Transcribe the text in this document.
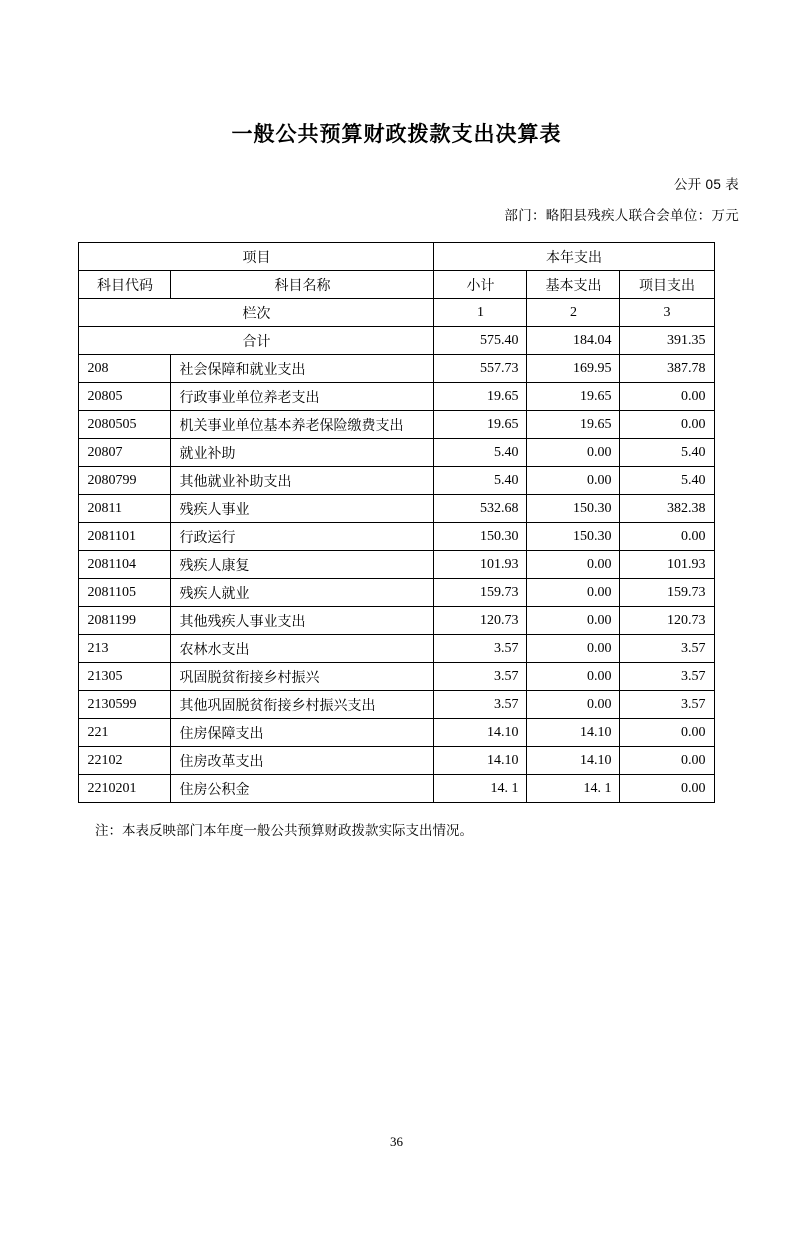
一般公共预算财政拨款支出决算表
公开 05 表
部门：略阳县残疾人联合会单位：万元
项目		本年支出		
科目代码	科目名称	小计	基本支出	项目支出
栏次		1	2	3
合计		575.40	184.04	391.35
208	社会保障和就业支出	557.73	169.95	387.78
20805	行政事业单位养老支出	19.65	19.65	0.00
2080505	机关事业单位基本养老保险缴费支出	19.65	19.65	0.00
20807	就业补助	5.40	0.00	5.40
2080799	其他就业补助支出	5.40	0.00	5.40
20811	残疾人事业	532.68	150.30	382.38
2081101	行政运行	150.30	150.30	0.00
2081104	残疾人康复	101.93	0.00	101.93
2081105	残疾人就业	159.73	0.00	159.73
2081199	其他残疾人事业支出	120.73	0.00	120.73
213	农林水支出	3.57	0.00	3.57
21305	巩固脱贫衔接乡村振兴	3.57	0.00	3.57
2130599	其他巩固脱贫衔接乡村振兴支出	3.57	0.00	3.57
221	住房保障支出	14.10	14.10	0.00
22102	住房改革支出	14.10	14.10	0.00
2210201	住房公积金	14. 1	14. 1	0.00
注：本表反映部门本年度一般公共预算财政拨款实际支出情况。
36
